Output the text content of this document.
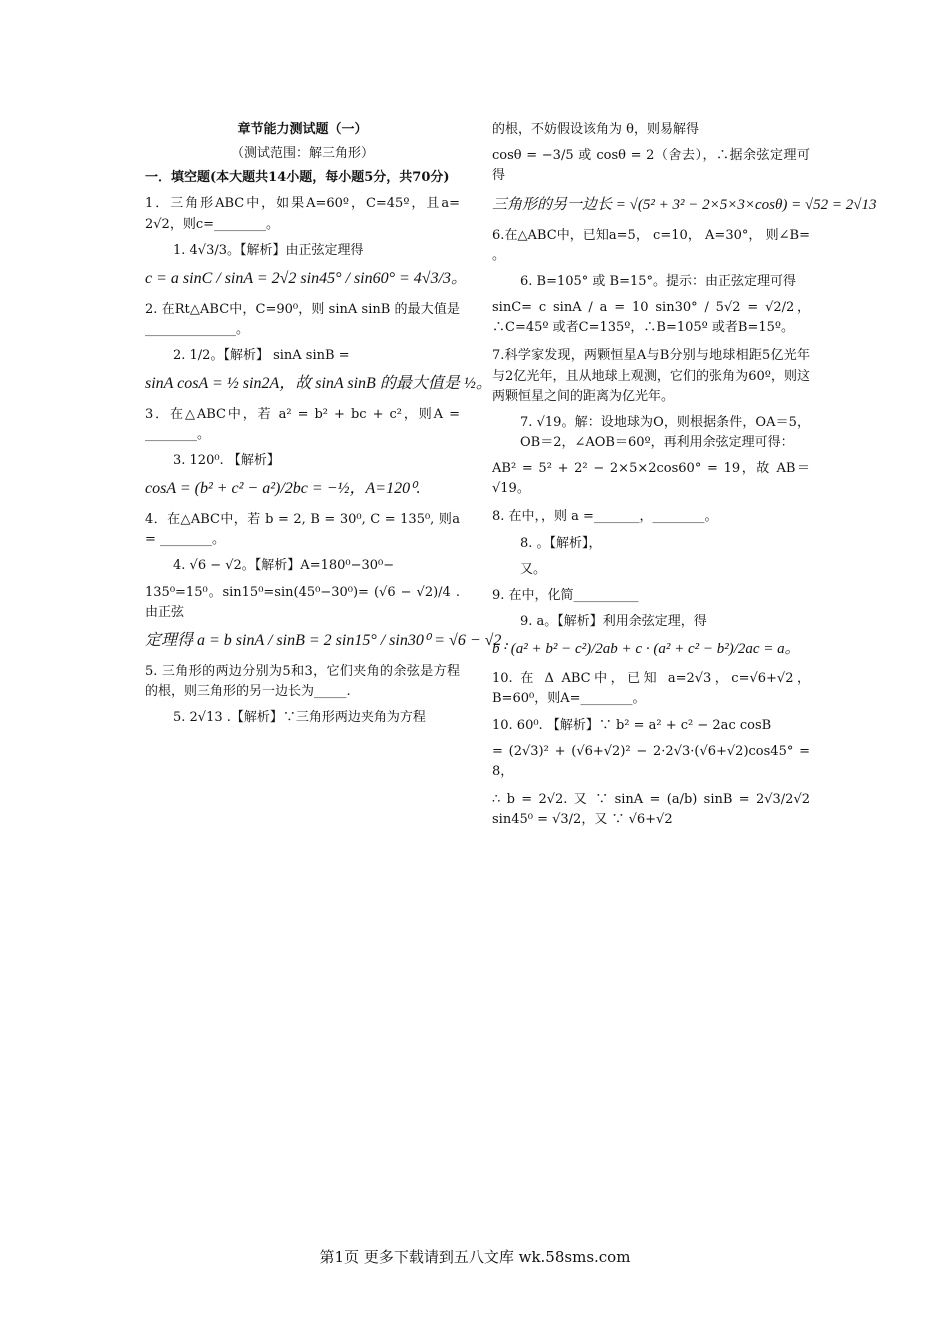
章节能力测试题（一）
（测试范围：解三角形）
一．填空题(本大题共14小题，每小题5分，共70分)

1．三角形ABC中，如果A=60º，C=45º，且a= 2√2，则c=________。

1. 4√3/3。【解析】由正弦定理得

c = a sinC / sinA = 2√2 sin45° / sin60° = 4√3/3。

2. 在Rt△ABC中，C=90⁰，则 sinA sinB 的最大值是______________。

2. 1/2。【解析】 sinA sinB =

sinA cosA = ½ sin2A，故 sinA sinB 的最大值是 ½。

3．在△ABC中，若 a² = b² + bc + c²，则A = ________。

3. 120⁰. 【解析】

cosA = (b² + c² − a²)/2bc = −½，A=120⁰.

4．在△ABC中，若 b = 2, B = 30⁰, C = 135⁰, 则a = ________。

4. √6 − √2。【解析】A=180⁰−30⁰−

135⁰=15⁰。sin15⁰=sin(45⁰−30⁰)= (√6 − √2)/4 .由正弦

定理得 a = b sinA / sinB = 2 sin15° / sin30⁰ = √6 − √2 .

5. 三角形的两边分别为5和3，它们夹角的余弦是方程的根，则三角形的另一边长为_____.

5. 2√13 .【解析】∵三角形两边夹角为方程

的根，不妨假设该角为 θ，则易解得

cosθ = −3/5 或 cosθ = 2（舍去），∴据余弦定理可得

三角形的另一边长 = √(5² + 3² − 2×5×3×cosθ) = √52 = 2√13

6.在△ABC中，已知a=5， c=10， A=30°， 则∠B= 。

6. B=105° 或 B=15°。提示：由正弦定理可得

sinC= c sinA / a = 10 sin30° / 5√2 = √2/2，∴C=45º 或者C=135º，∴B=105º 或者B=15º。

7.科学家发现，两颗恒星A与B分别与地球相距5亿光年与2亿光年，且从地球上观测，它们的张角为60º，则这两颗恒星之间的距离为亿光年。

7. √19。解：设地球为O，则根据条件，OA＝5，OB＝2，∠AOB＝60º，再利用余弦定理可得：

AB² = 5² + 2² − 2×5×2cos60° = 19，故 AB＝√19。

8. 在中，，则 a =_______，________。

8. 。【解析】，

又。

9. 在中，化简__________

9. a。【解析】利用余弦定理，得

b · (a² + b² − c²)/2ab + c · (a² + c² − b²)/2ac = a。

10. 在 Δ ABC中，已知 a=2√3，c=√6+√2，B=60⁰，则A=________。

10. 60⁰. 【解析】∵ b² = a² + c² − 2ac cosB

= (2√3)² + (√6+√2)² − 2·2√3·(√6+√2)cos45° = 8，

∴ b = 2√2. 又 ∵ sinA = (a/b) sinB = 2√3/2√2 sin45⁰ = √3/2，又 ∵ √6+√2

第1页 更多下载请到五八文库 wk.58sms.com
